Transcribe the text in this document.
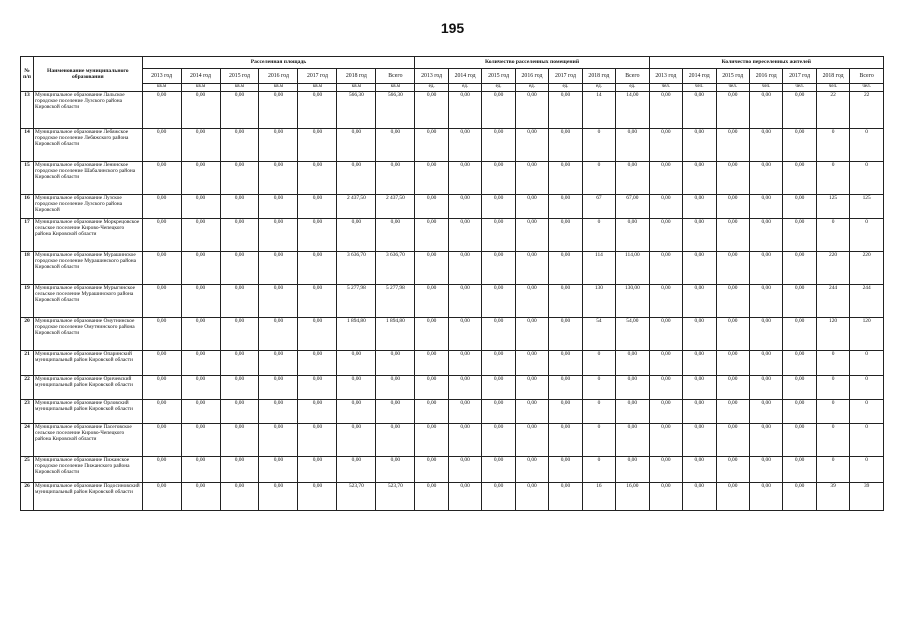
195
№
п/п	Наименование муниципального образования	Расселенная площадь							Количество расселенных помещений							Количество переселенных жителей						
		2013 год	2014 год	2015 год	2016 год	2017 год	2018 год	Всего	2013 год	2014 год	2015 год	2016 год	2017 год	2018 год	Всего	2013 год	2014 год	2015 год	2016 год	2017 год	2018 год	Всего
		кв.м	кв.м	кв.м	кв.м	кв.м	кв.м	кв.м	ед.	ед.	ед.	ед.	ед.	ед.	ед.	чел.	чел.	чел.	чел.	чел.	чел.	чел.
13	Муниципальное образование Лальское городское поселение Лузского района Кировской области	0,00	0,00	0,00	0,00	0,00	566,30	566,30	0,00	0,00	0,00	0,00	0,00	14	14,00	0,00	0,00	0,00	0,00	0,00	22	22
14	Муниципальное образование Лебяжское городское поселение Лебяжского района Кировской области	0,00	0,00	0,00	0,00	0,00	0,00	0,00	0,00	0,00	0,00	0,00	0,00	0	0,00	0,00	0,00	0,00	0,00	0,00	0	0
15	Муниципальное образование Ленинское городское поселение Шабалинского района Кировской области	0,00	0,00	0,00	0,00	0,00	0,00	0,00	0,00	0,00	0,00	0,00	0,00	0	0,00	0,00	0,00	0,00	0,00	0,00	0	0
16	Муниципальное образование Лузское городское поселение Лузского района Кировской	0,00	0,00	0,00	0,00	0,00	2 437,50	2 437,50	0,00	0,00	0,00	0,00	0,00	67	67,00	0,00	0,00	0,00	0,00	0,00	125	125
17	Муниципальное образование Моркрецовское сельское поселение Кирово-Чепецкого района Кировской области	0,00	0,00	0,00	0,00	0,00	0,00	0,00	0,00	0,00	0,00	0,00	0,00	0	0,00	0,00	0,00	0,00	0,00	0,00	0	0
18	Муниципальное образование Мурашинское городское поселение Мурашинского района Кировской области	0,00	0,00	0,00	0,00	0,00	3 636,70	3 636,70	0,00	0,00	0,00	0,00	0,00	114	114,00	0,00	0,00	0,00	0,00	0,00	220	220
19	Муниципальное образование Мурыгинское сельское поселение Мурашинского района Кировской области	0,00	0,00	0,00	0,00	0,00	5 277,98	5 277,98	0,00	0,00	0,00	0,00	0,00	130	130,00	0,00	0,00	0,00	0,00	0,00	244	244
20	Муниципальное образование Омутнинское городское поселение Омутнинского района Кировской области	0,00	0,00	0,00	0,00	0,00	1 894,80	1 894,80	0,00	0,00	0,00	0,00	0,00	54	54,00	0,00	0,00	0,00	0,00	0,00	120	120
21	Муниципальное образование Опаринский муниципальный район Кировской области	0,00	0,00	0,00	0,00	0,00	0,00	0,00	0,00	0,00	0,00	0,00	0,00	0	0,00	0,00	0,00	0,00	0,00	0,00	0	0
22	Муниципальное образование Оричевский муниципальный район Кировской области	0,00	0,00	0,00	0,00	0,00	0,00	0,00	0,00	0,00	0,00	0,00	0,00	0	0,00	0,00	0,00	0,00	0,00	0,00	0	0
23	Муниципальное образование Орловский муниципальный район Кировской области	0,00	0,00	0,00	0,00	0,00	0,00	0,00	0,00	0,00	0,00	0,00	0,00	0	0,00	0,00	0,00	0,00	0,00	0,00	0	0
24	Муниципальное образование Пасеговское сельское поселение Кирово-Чепецкого района Кировской области	0,00	0,00	0,00	0,00	0,00	0,00	0,00	0,00	0,00	0,00	0,00	0,00	0	0,00	0,00	0,00	0,00	0,00	0,00	0	0
25	Муниципальное образование Пижанское городское поселение Пижанского района Кировской области	0,00	0,00	0,00	0,00	0,00	0,00	0,00	0,00	0,00	0,00	0,00	0,00	0	0,00	0,00	0,00	0,00	0,00	0,00	0	0
26	Муниципальное образование Подосиновский муниципальный район Кировской области	0,00	0,00	0,00	0,00	0,00	523,70	523,70	0,00	0,00	0,00	0,00	0,00	16	16,00	0,00	0,00	0,00	0,00	0,00	39	39
